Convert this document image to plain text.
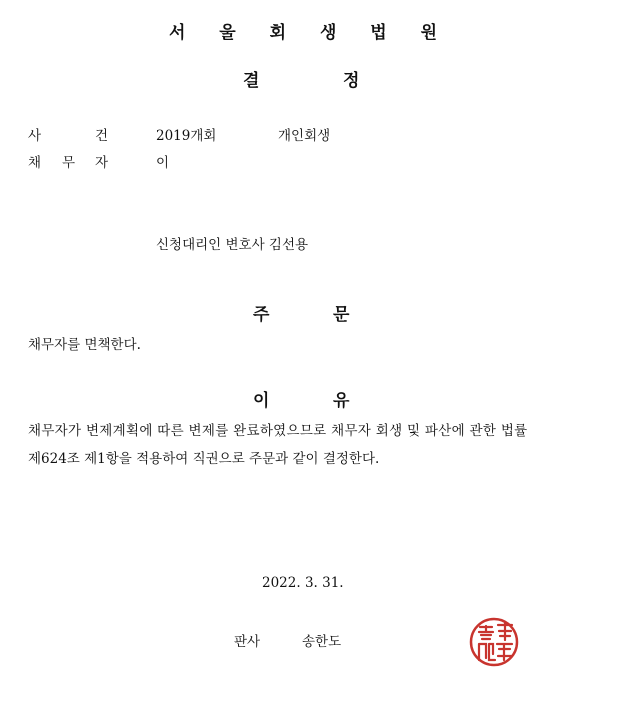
서 울 회 생 법 원
결	정
사	건	2019개회	개인회생
채 무 자	이
신청대리인 변호사 김선용
주	문
채무자를 면책한다.
이	유
채무자가 변제계획에 따른 변제를 완료하였으므로 채무자 회생 및 파산에 관한 법률
제624조 제1항을 적용하여 직권으로 주문과 같이 결정한다.
2022. 3. 31.
판사	송한도
